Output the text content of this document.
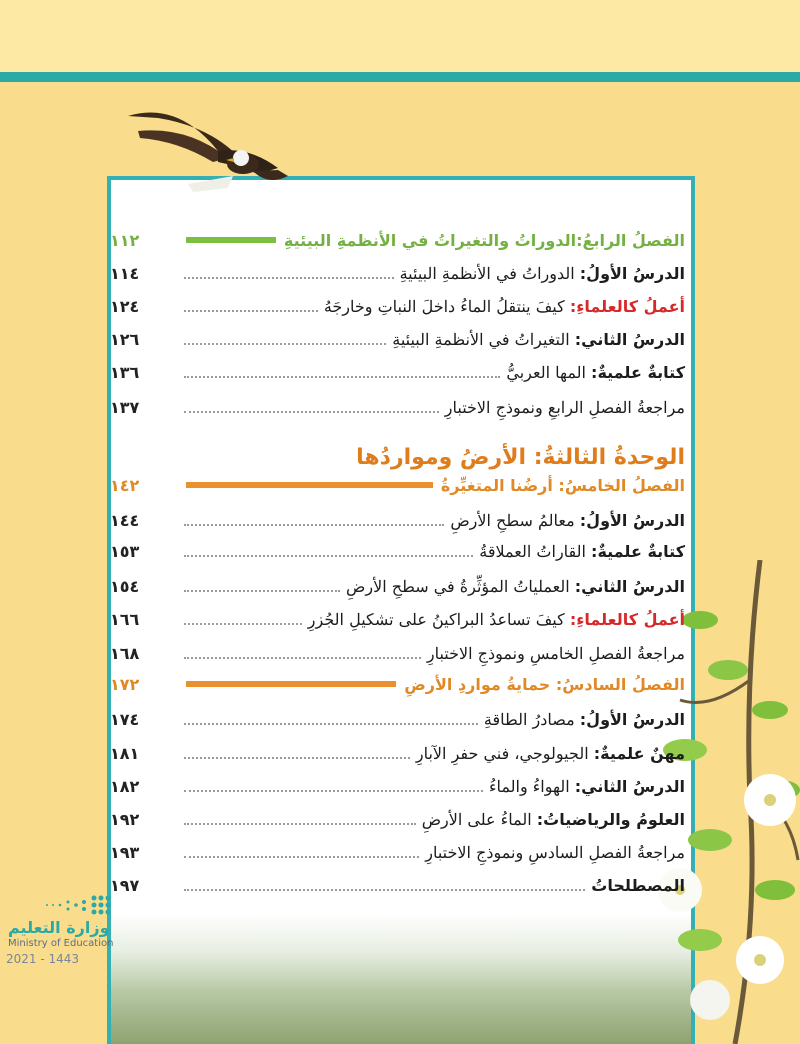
الفصلُ الرابعُ:الدوراتُ والتغيراتُ في الأنظمةِ البيئيةِ
١١٢
الدرسُ الأولُ: الدوراتُ في الأنظمةِ البيئيةِ
١١٤
أعملُ كالعلماءِ: كيفَ ينتقلُ الماءُ داخلَ النباتِ وخارجَهُ
١٢٤
الدرسُ الثاني: التغيراتُ في الأنظمةِ البيئيةِ
١٢٦
كتابةٌ علميةٌ: المها العربيُّ
١٣٦
مراجعةُ الفصلِ الرابعِ ونموذجِ الاختبارِ
١٣٧
الوحدةُ الثالثةُ: الأرضُ ومواردُها
الفصلُ الخامسُ: أرضُنا المتغيِّرةُ
١٤٢
الدرسُ الأولُ: معالمُ سطحِ الأرضِ
١٤٤
كتابةٌ علميةٌ: القاراتُ العملاقةُ
١٥٣
الدرسُ الثاني: العملياتُ المؤثِّرةُ في سطحِ الأرضِ
١٥٤
أعملُ كالعلماءِ: كيفَ تساعدُ البراكينُ على تشكيلِ الجُزرِ
١٦٦
مراجعةُ الفصلِ الخامسِ ونموذجِ الاختبارِ
١٦٨
الفصلُ السادسُ: حمايةُ مواردِ الأرضِ
١٧٢
الدرسُ الأولُ: مصادرُ الطاقةِ
١٧٤
مهنٌ علميةٌ: الجيولوجي، فني حفرِ الآبارِ
١٨١
الدرسُ الثاني: الهواءُ والماءُ
١٨٢
العلومُ والرياضياتُ: الماءُ على الأرضِ
١٩٢
مراجعةُ الفصلِ السادسِ ونموذجِ الاختبارِ
١٩٣
المصطلحاتُ
١٩٧
وزارة التعليم
Ministry of Education
2021 - 1443
